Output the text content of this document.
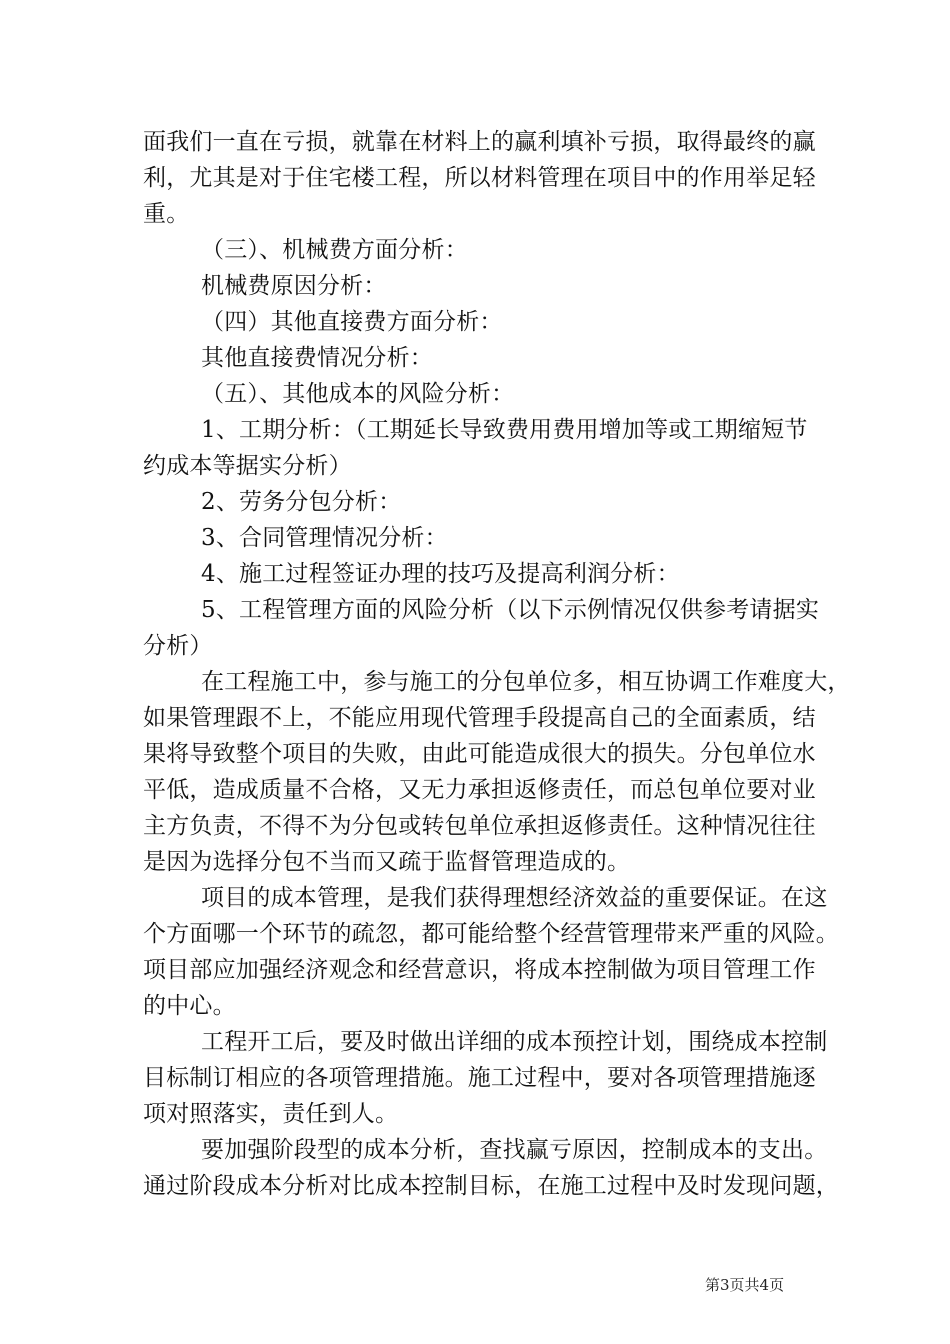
面我们一直在亏损，就靠在材料上的赢利填补亏损，取得最终的赢
利，尤其是对于住宅楼工程，所以材料管理在项目中的作用举足轻
重。
（三）、机械费方面分析：
机械费原因分析：
（四）其他直接费方面分析：
其他直接费情况分析：
（五）、其他成本的风险分析：
1、工期分析：（工期延长导致费用费用增加等或工期缩短节
约成本等据实分析）
2、劳务分包分析：
3、合同管理情况分析：
4、施工过程签证办理的技巧及提高利润分析：
5、工程管理方面的风险分析（以下示例情况仅供参考请据实
分析）
在工程施工中，参与施工的分包单位多，相互协调工作难度大，
如果管理跟不上，不能应用现代管理手段提高自己的全面素质，结
果将导致整个项目的失败，由此可能造成很大的损失。分包单位水
平低，造成质量不合格，又无力承担返修责任，而总包单位要对业
主方负责，不得不为分包或转包单位承担返修责任。这种情况往往
是因为选择分包不当而又疏于监督管理造成的。
项目的成本管理，是我们获得理想经济效益的重要保证。在这
个方面哪一个环节的疏忽，都可能给整个经营管理带来严重的风险。
项目部应加强经济观念和经营意识，将成本控制做为项目管理工作
的中心。
工程开工后，要及时做出详细的成本预控计划，围绕成本控制
目标制订相应的各项管理措施。施工过程中，要对各项管理措施逐
项对照落实，责任到人。
要加强阶段型的成本分析，查找赢亏原因，控制成本的支出。
通过阶段成本分析对比成本控制目标，在施工过程中及时发现问题，
第3页共4页
